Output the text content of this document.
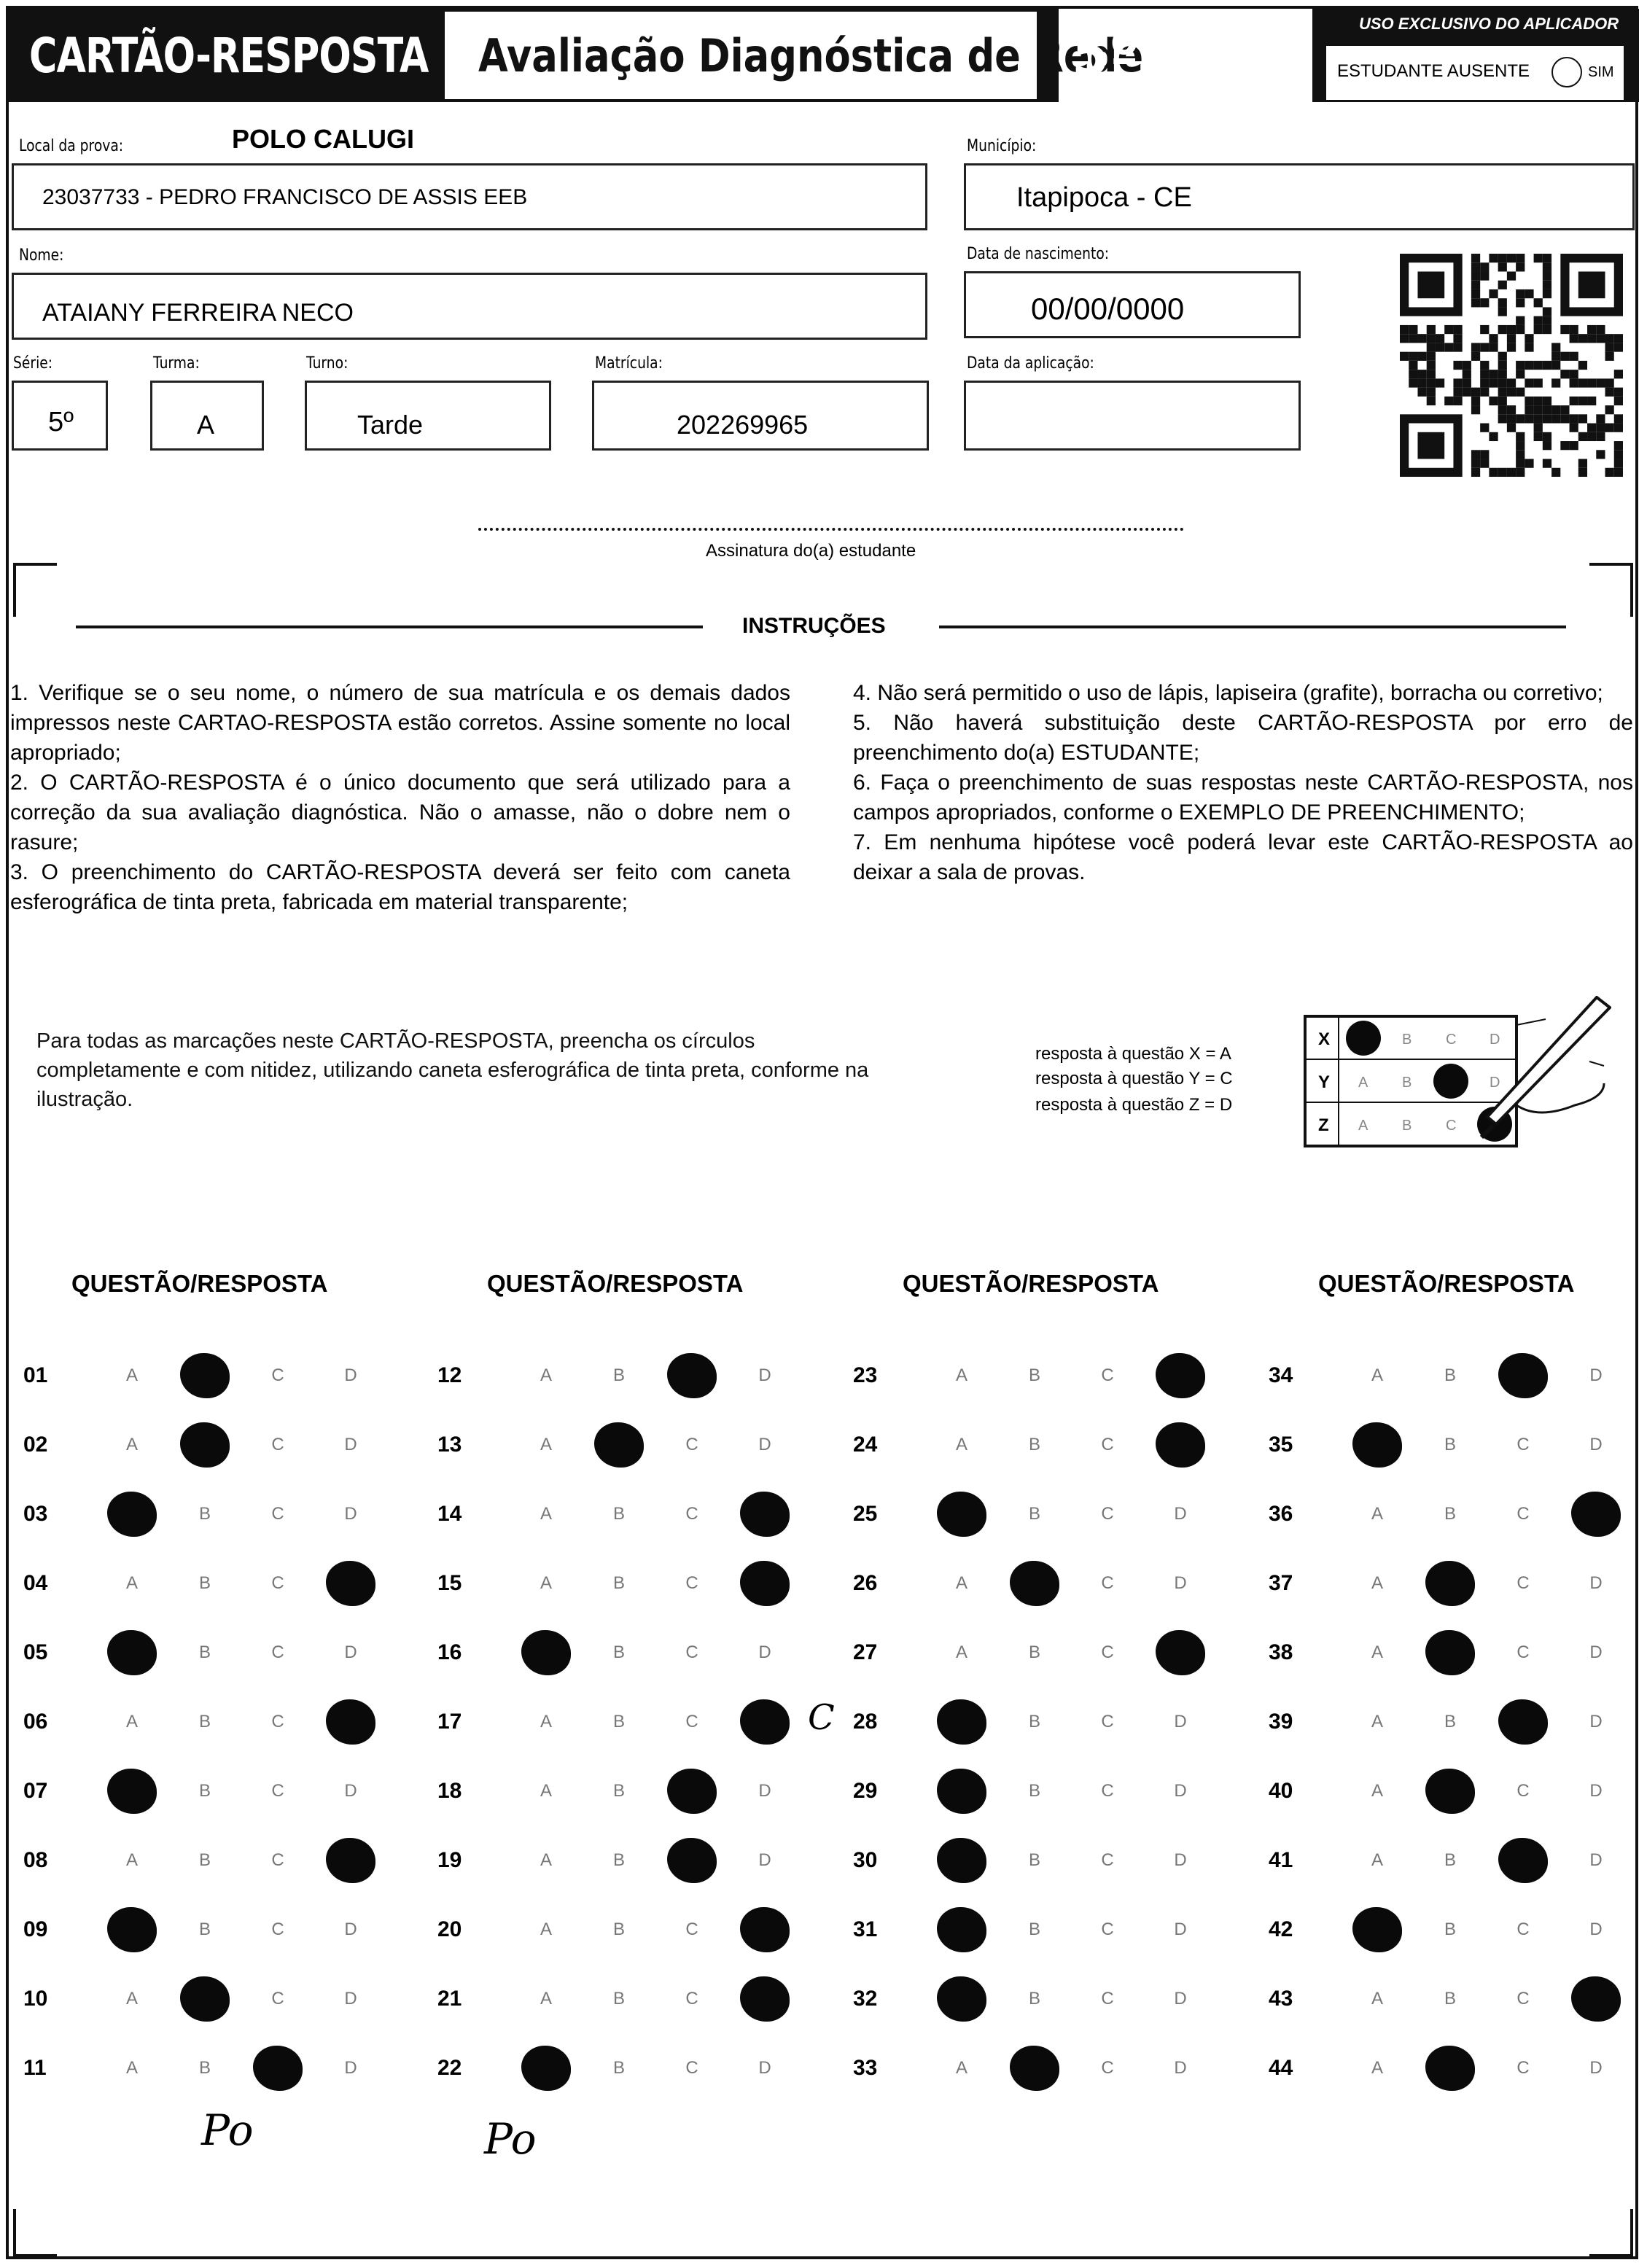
CARTÃO-RESPOSTA Avaliação Diagnóstica de Rede
5º ANO	USO EXCLUSIVO DO APLICADOR
ESTUDANTE AUSENTE	SIM
Local da prova:	POLO CALUGI
23037733 - PEDRO FRANCISCO DE ASSIS EEB
Município:
Itapipoca - CE
Nome:
ATAIANY FERREIRA NECO
Data de nascimento:
00/00/0000
Série:
5º
Turma:
A
Turno:
Tarde
Matrícula:
202269965
Data da aplicação:
Assinatura do(a) estudante
INSTRUÇÕES

1. Verifique se o seu nome, o número de sua matrícula e os demais dados impressos neste CARTAO-RESPOSTA estão corretos. Assine somente no local apropriado;

2. O CARTÃO-RESPOSTA é o único documento que será utilizado para a correção da sua avaliação diagnóstica. Não o amasse, não o dobre nem o rasure;

3. O preenchimento do CARTÃO-RESPOSTA deverá ser feito com caneta esferográfica de tinta preta, fabricada em material transparente;

4. Não será permitido o uso de lápis, lapiseira (grafite), borracha ou corretivo;

5. Não haverá substituição deste CARTÃO-RESPOSTA por erro de preenchimento do(a) ESTUDANTE;

6. Faça o preenchimento de suas respostas neste CARTÃO-RESPOSTA, nos campos apropriados, conforme o EXEMPLO DE PREENCHIMENTO;

7. Em nenhuma hipótese você poderá levar este CARTÃO-RESPOSTA ao deixar a sala de provas.

Para todas as marcações neste CARTÃO-RESPOSTA, preencha os círculos completamente e com nitidez, utilizando caneta esferográfica de tinta preta, conforme na ilustração.
resposta à questão X = A
resposta à questão Y = C
resposta à questão Z = D
X	B C D
Y A B	D
Z A B C
QUESTÃO/RESPOSTA	QUESTÃO/RESPOSTA	QUESTÃO/RESPOSTA	QUESTÃO/RESPOSTA
01	A	B	C	D
02	A	B	C	D
03	A	B	C	D
04	A	B	C	D
05	A	B	C	D
06	A	B	C	D
07	A	B	C	D
08	A	B	C	D
09	A	B	C	D
10	A	B	C	D
11	A	B	C	D
12	A	B	C	D
13	A	B	C	D
14	A	B	C	D
15	A	B	C	D
16	A	B	C	D
17	A	B	C	D
18	A	B	C	D
19	A	B	C	D
20	A	B	C	D
21	A	B	C	D
22	A	B	C	D
23	A	B	C	D
24	A	B	C	D
25	A	B	C	D
26	A	B	C	D
27	A	B	C	D
28	A	B	C	D
29	A	B	C	D
30	A	B	C	D
31	A	B	C	D
32	A	B	C	D
33	A	B	C	D
34	A	B	C	D
35	A	B	C	D
36	A	B	C	D
37	A	B	C	D
38	A	B	C	D
39	A	B	C	D
40	A	B	C	D
41	A	B	C	D
42	A	B	C	D
43	A	B	C	D
44	A	B	C	D
Po	Po
C
